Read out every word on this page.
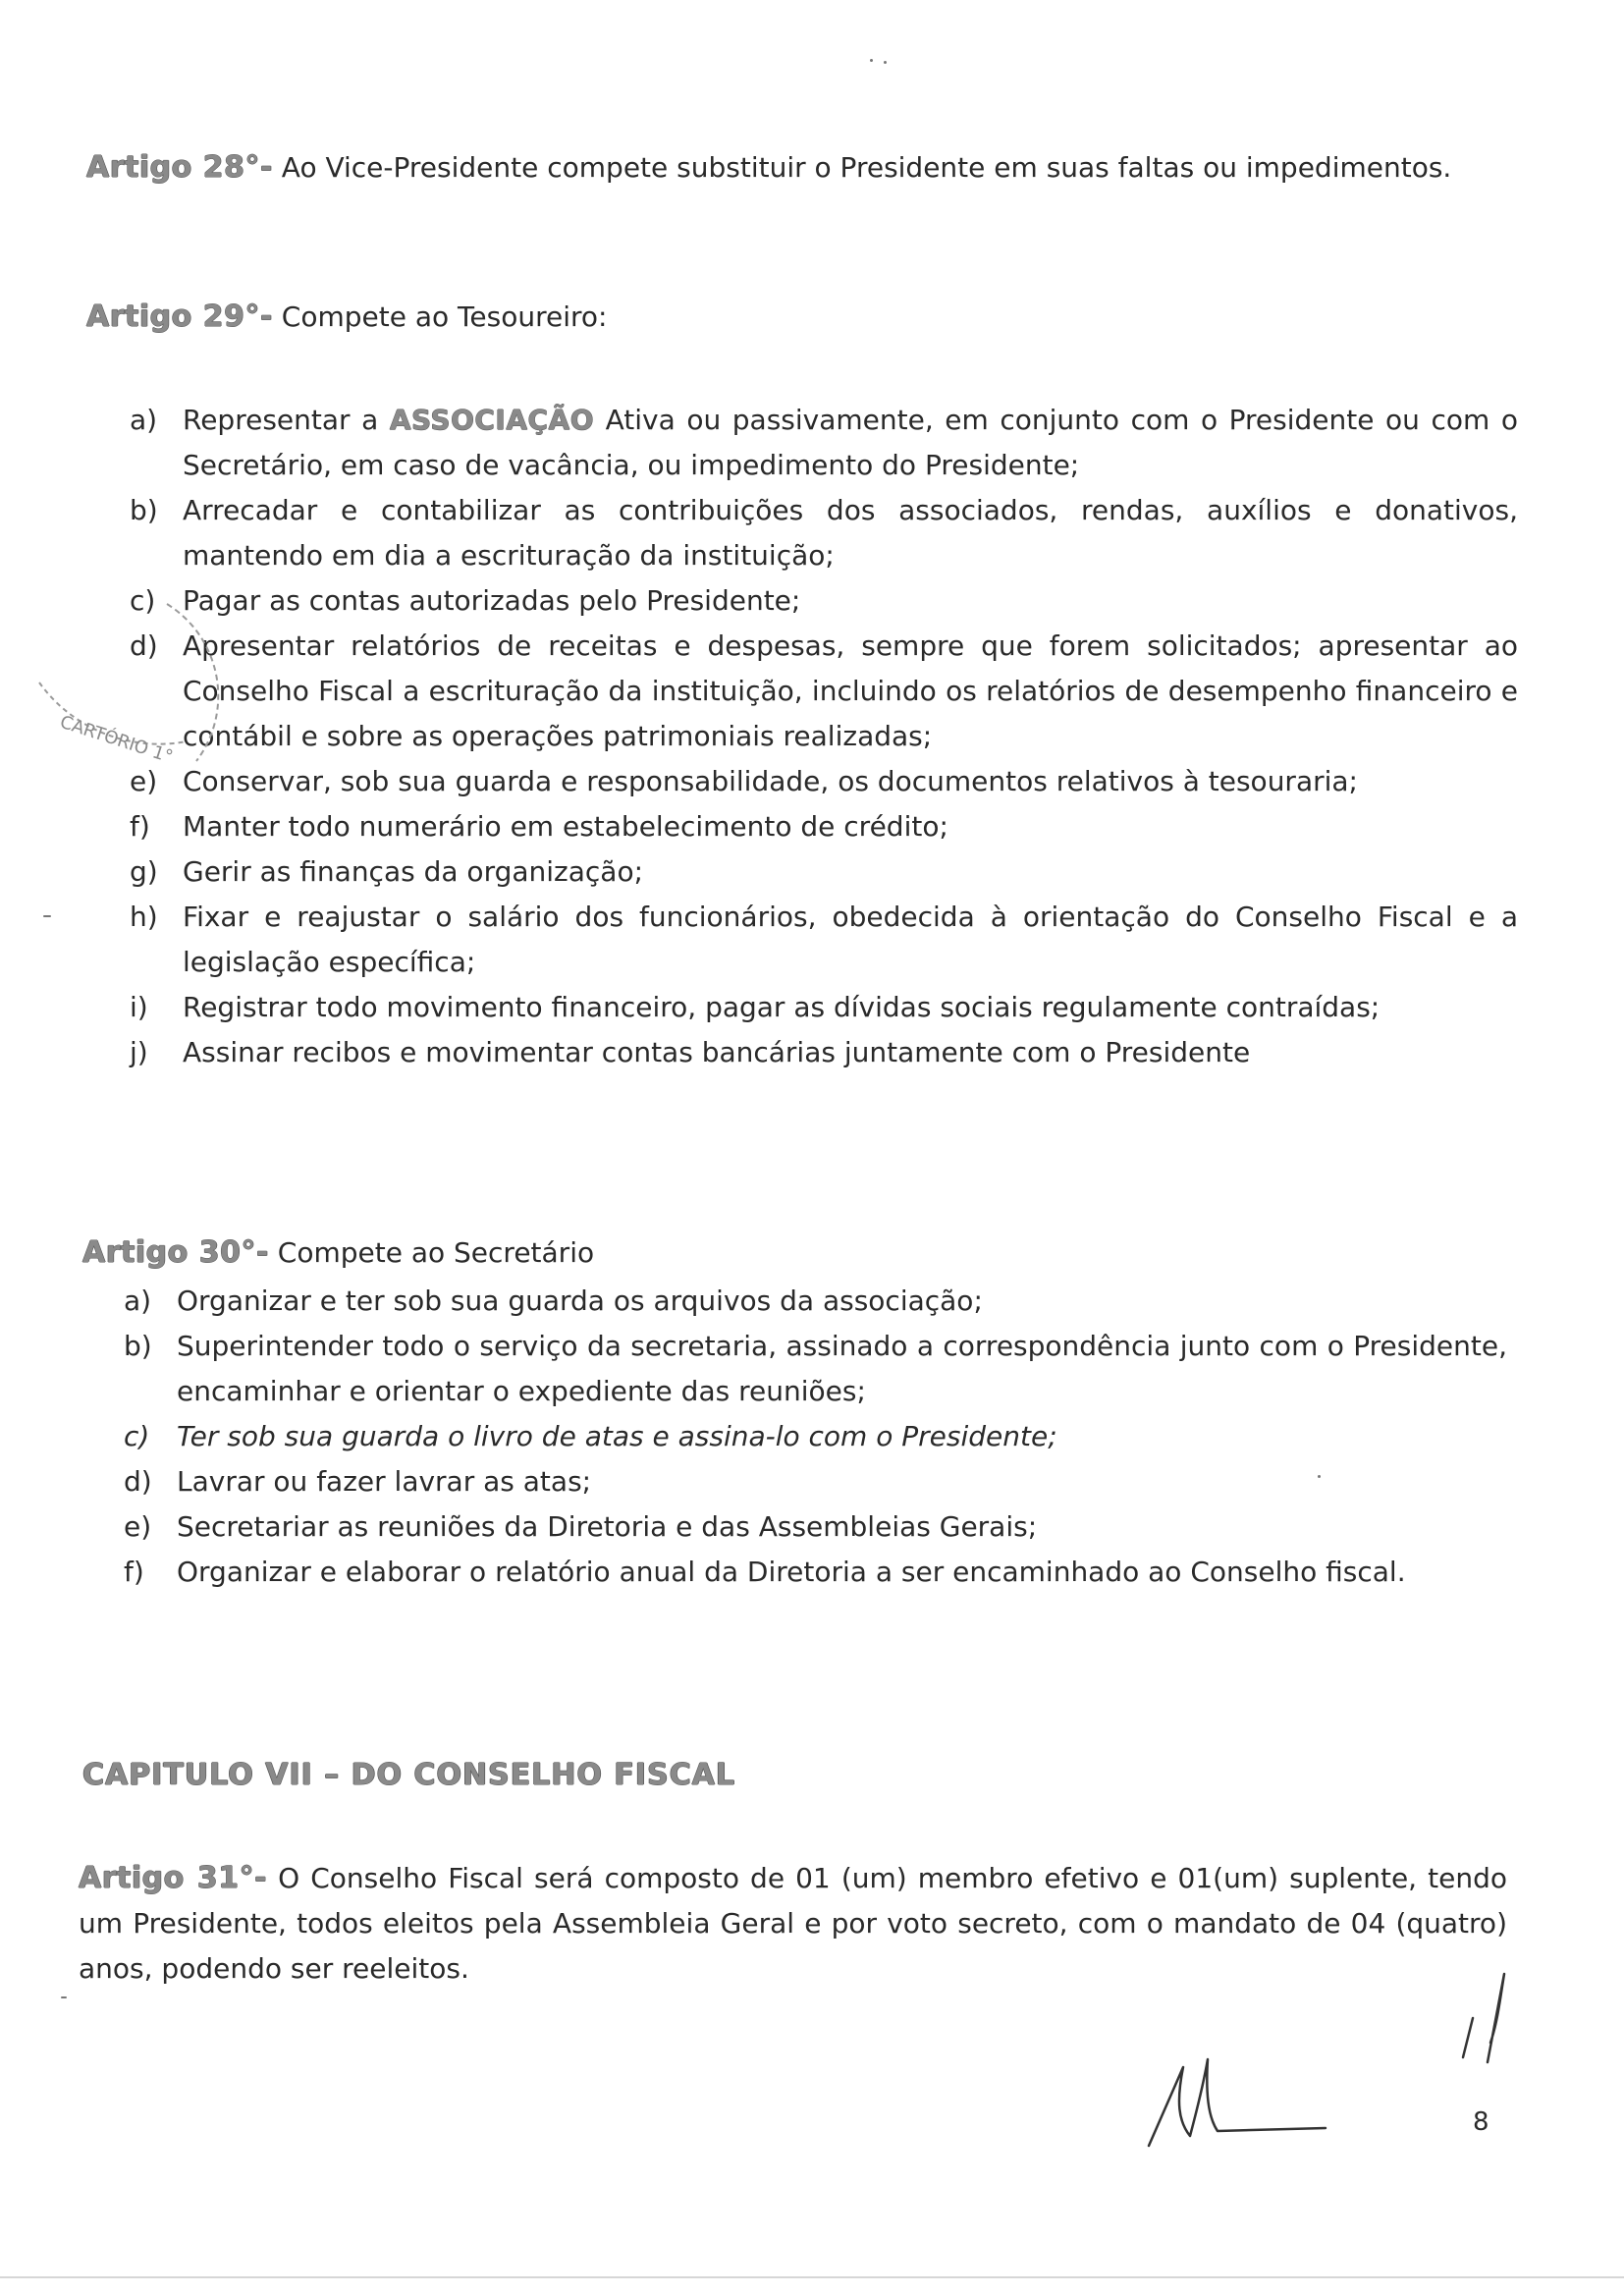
Artigo 28°- Ao Vice-Presidente compete substituir o Presidente em suas faltas ou impedimentos.
Artigo 29°- Compete ao Tesoureiro:
a) Representar a ASSOCIAÇÃO Ativa ou passivamente, em conjunto com o Presidente ou com o Secretário, em caso de vacância, ou impedimento do Presidente;
b) Arrecadar e contabilizar as contribuições dos associados, rendas, auxílios e donativos, mantendo em dia a escrituração da instituição;
c) Pagar as contas autorizadas pelo Presidente;
d) Apresentar relatórios de receitas e despesas, sempre que forem solicitados; apresentar ao Conselho Fiscal a escrituração da instituição, incluindo os relatórios de desempenho financeiro e contábil e sobre as operações patrimoniais realizadas;
e) Conservar, sob sua guarda e responsabilidade, os documentos relativos à tesouraria;
f) Manter todo numerário em estabelecimento de crédito;
g) Gerir as finanças da organização;
h) Fixar e reajustar o salário dos funcionários, obedecida à orientação do Conselho Fiscal e a legislação específica;
i) Registrar todo movimento financeiro, pagar as dívidas sociais regulamente contraídas;
j) Assinar recibos e movimentar contas bancárias juntamente com o Presidente
Artigo 30°- Compete ao Secretário
a) Organizar e ter sob sua guarda os arquivos da associação;
b) Superintender todo o serviço da secretaria, assinado a correspondência junto com o Presidente, encaminhar e orientar o expediente das reuniões;
c) Ter sob sua guarda o livro de atas e assina-lo com o Presidente;
d) Lavrar ou fazer lavrar as atas;
e) Secretariar as reuniões da Diretoria e das Assembleias Gerais;
f) Organizar e elaborar o relatório anual da Diretoria a ser encaminhado ao Conselho fiscal.
CAPITULO VII – DO CONSELHO FISCAL
Artigo 31°- O Conselho Fiscal será composto de 01 (um) membro efetivo e 01(um) suplente, tendo um Presidente, todos eleitos pela Assembleia Geral e por voto secreto, com o mandato de 04 (quatro) anos, podendo ser reeleitos.
CARTÓRIO 1°
8
